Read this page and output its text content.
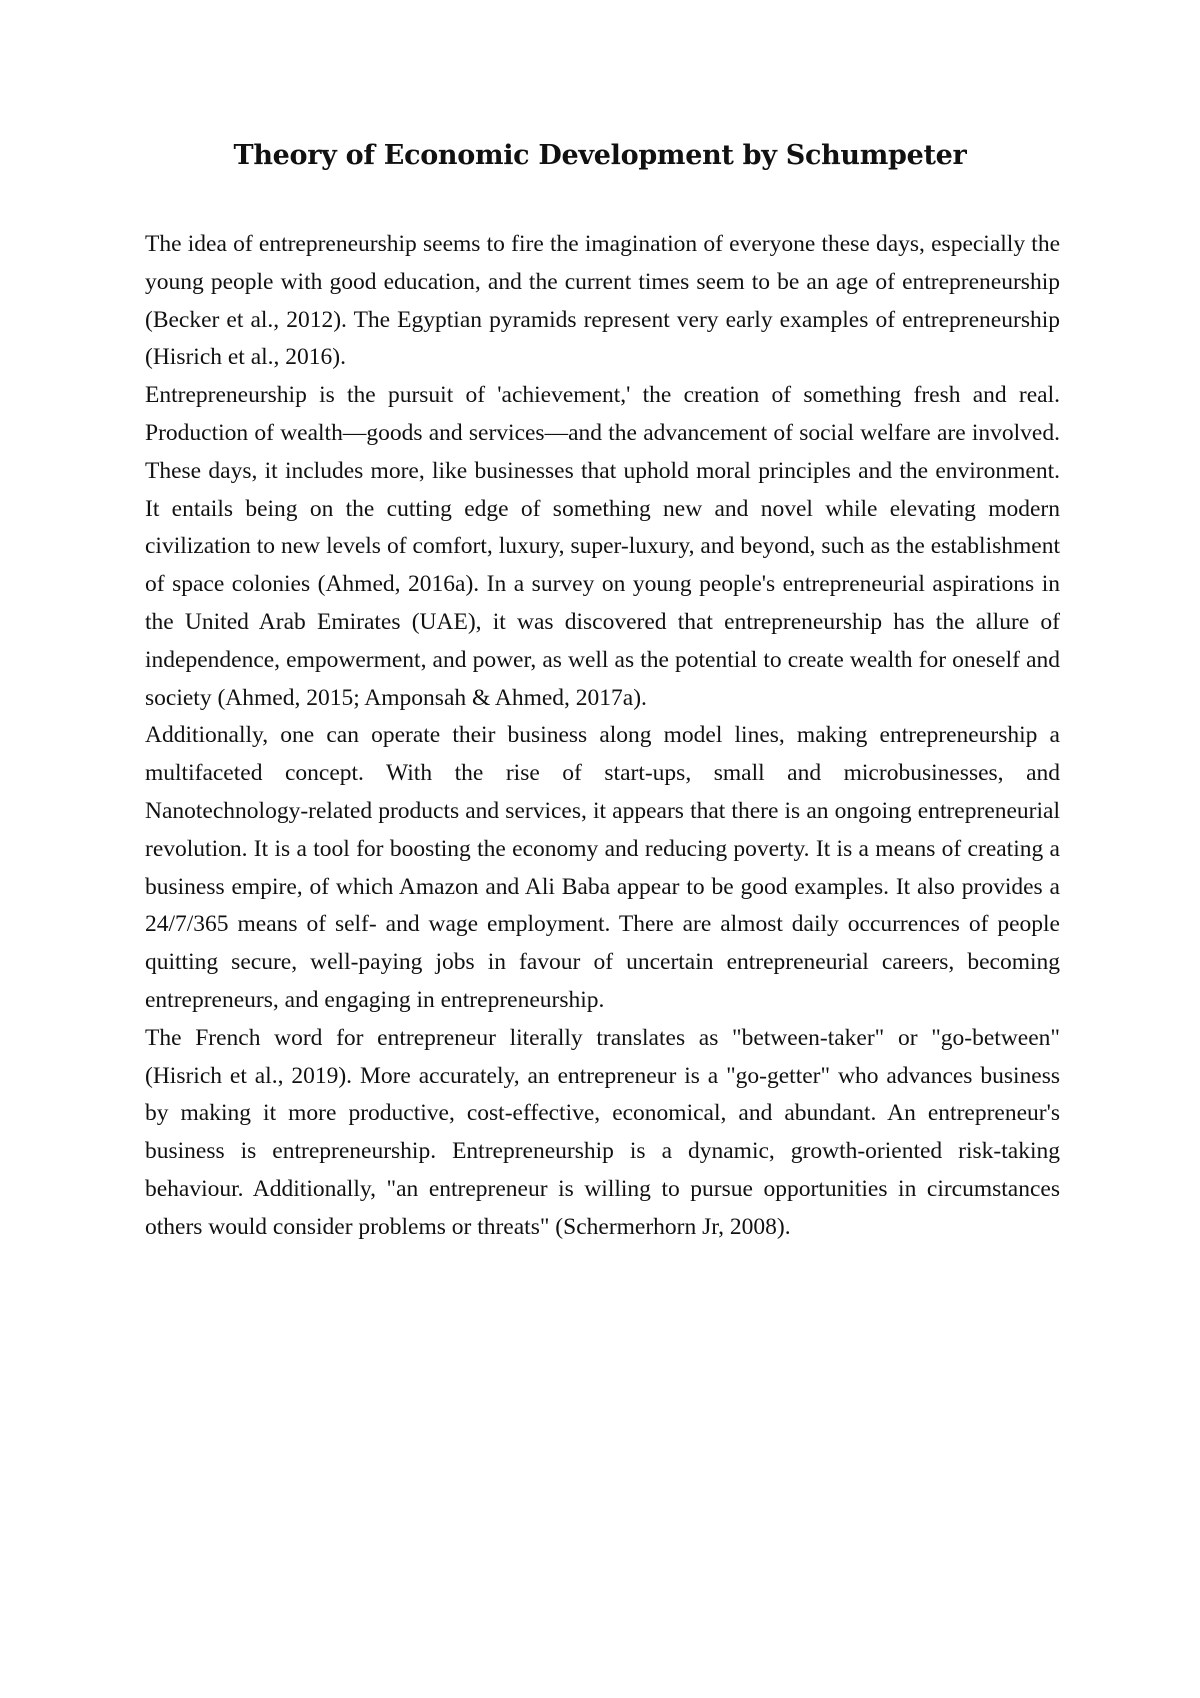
Theory of Economic Development by Schumpeter

The idea of entrepreneurship seems to fire the imagination of everyone these days, especially the young people with good education, and the current times seem to be an age of entrepreneurship (Becker et al., 2012). The Egyptian pyramids represent very early examples of entrepreneurship (Hisrich et al., 2016).

Entrepreneurship is the pursuit of 'achievement,' the creation of something fresh and real. Production of wealth—goods and services—and the advancement of social welfare are involved. These days, it includes more, like businesses that uphold moral principles and the environment. It entails being on the cutting edge of something new and novel while elevating modern civilization to new levels of comfort, luxury, super-luxury, and beyond, such as the establishment of space colonies (Ahmed, 2016a). In a survey on young people's entrepreneurial aspirations in the United Arab Emirates (UAE), it was discovered that entrepreneurship has the allure of independence, empowerment, and power, as well as the potential to create wealth for oneself and society (Ahmed, 2015; Amponsah & Ahmed, 2017a).

Additionally, one can operate their business along model lines, making entrepreneurship a multifaceted concept. With the rise of start-ups, small and microbusinesses, and Nanotechnology-related products and services, it appears that there is an ongoing entrepreneurial revolution. It is a tool for boosting the economy and reducing poverty. It is a means of creating a business empire, of which Amazon and Ali Baba appear to be good examples. It also provides a 24/7/365 means of self- and wage employment. There are almost daily occurrences of people quitting secure, well-paying jobs in favour of uncertain entrepreneurial careers, becoming entrepreneurs, and engaging in entrepreneurship.

The French word for entrepreneur literally translates as "between-taker" or "go-between" (Hisrich et al., 2019). More accurately, an entrepreneur is a "go-getter" who advances business by making it more productive, cost-effective, economical, and abundant. An entrepreneur's business is entrepreneurship. Entrepreneurship is a dynamic, growth-oriented risk-taking behaviour. Additionally, "an entrepreneur is willing to pursue opportunities in circumstances others would consider problems or threats" (Schermerhorn Jr, 2008).
